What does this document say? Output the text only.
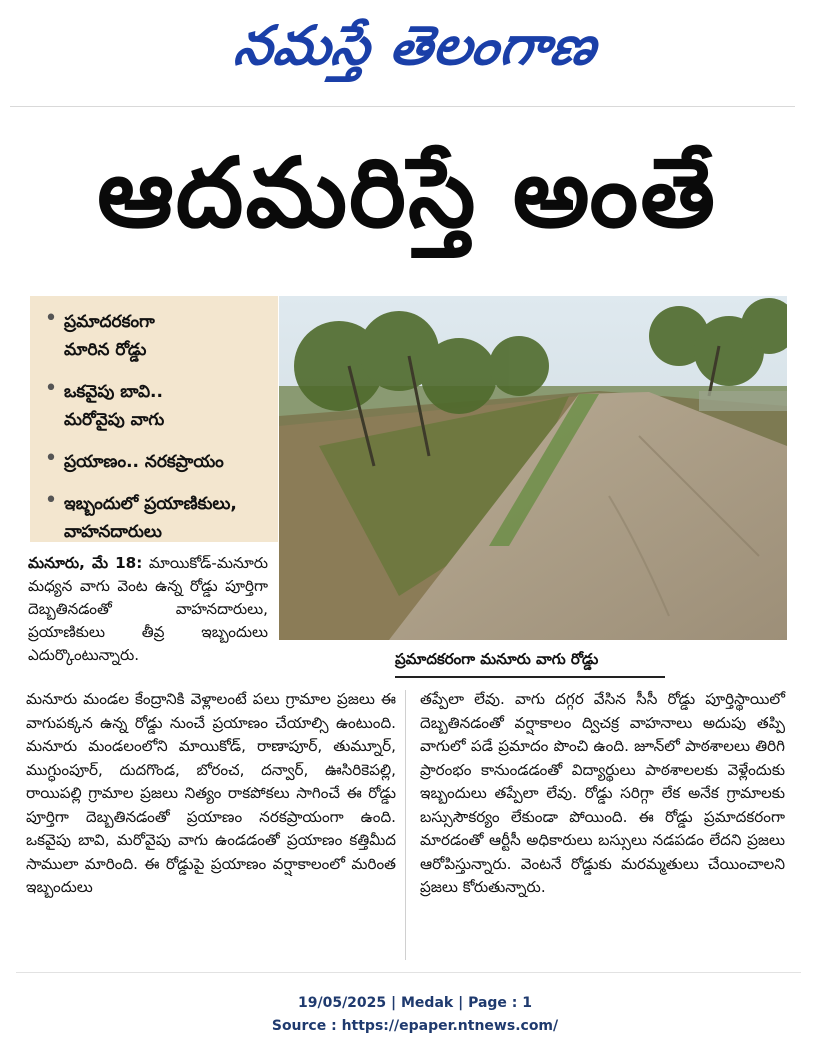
నమస్తే తెలంగాణ
ఆదమరిస్తే అంతే
• ప్రమాదరకంగా
మారిన రోడ్డు
• ఒకవైపు బావి..
మరోవైపు వాగు
• ప్రయాణం.. నరకప్రాయం
• ఇబ్బందులో ప్రయాణికులు,
వాహనదారులు
ప్రమాదకరంగా మనూరు వాగు రోడ్డు
మనూరు, మే 18: మాయికోడ్-మనూరు మధ్యన వాగు వెంట ఉన్న రోడ్డు పూర్తిగా దెబ్బతినడంతో వాహనదారులు, ప్రయాణికులు తీవ్ర ఇబ్బందులు ఎదుర్కొంటున్నారు.
మనూరు మండల కేంద్రానికి వెళ్లాలంటే పలు గ్రామాల ప్రజలు ఈ వాగుపక్కన ఉన్న రోడ్డు నుంచే ప్రయాణం చేయాల్సి ఉంటుంది. మనూరు మండలంలోని మాయికోడ్, రాణాపూర్, తుమ్నూర్, ముగ్ధుంపూర్, దుదగొండ, బోరంచ, దన్వార్, ఊసిరికెపల్లి, రాయిపల్లి గ్రామాల ప్రజలు నిత్యం రాకపోకలు సాగించే ఈ రోడ్డు పూర్తిగా దెబ్బతినడంతో ప్రయాణం నరకప్రాయంగా ఉంది. ఒకవైపు బావి, మరోవైపు వాగు ఉండడంతో ప్రయాణం కత్తిమీద సాములా మారింది. ఈ రోడ్డుపై ప్రయాణం వర్షాకాలంలో మరింత ఇబ్బందులు
తప్పేలా లేవు. వాగు దగ్గర వేసిన సీసీ రోడ్డు పూర్తిస్థాయిలో దెబ్బతినడంతో వర్షాకాలం ద్విచక్ర వాహనాలు అదుపు తప్పి వాగులో పడే ప్రమాదం పొంచి ఉంది. జూన్‌లో పాఠశాలలు తిరిగి ప్రారంభం కానుండడంతో విద్యార్థులు పాఠశాలలకు వెళ్లేందుకు ఇబ్బందులు తప్పేలా లేవు. రోడ్డు సరిగ్గా లేక అనేక గ్రామాలకు బస్సుసౌకర్యం లేకుండా పోయింది. ఈ రోడ్డు ప్రమాదకరంగా మారడంతో ఆర్టీసీ అధికారులు బస్సులు నడపడం లేదని ప్రజలు ఆరోపిస్తున్నారు. వెంటనే రోడ్డుకు మరమ్మతులు చేయించాలని ప్రజలు కోరుతున్నారు.
19/05/2025 | Medak | Page : 1
Source : https://epaper.ntnews.com/
